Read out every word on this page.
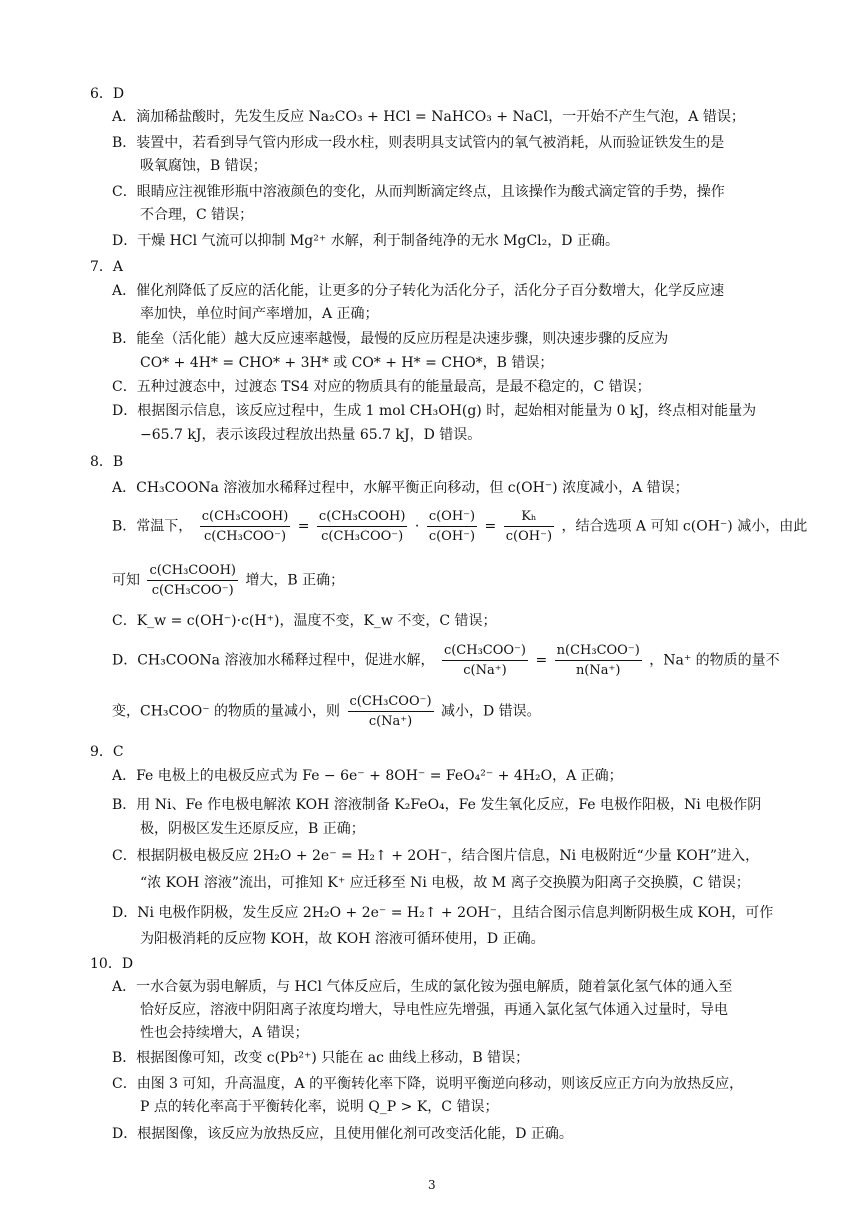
6．D
A．滴加稀盐酸时，先发生反应 Na₂CO₃ + HCl = NaHCO₃ + NaCl，一开始不产生气泡，A 错误；
B．装置中，若看到导气管内形成一段水柱，则表明具支试管内的氧气被消耗，从而验证铁发生的是
吸氧腐蚀，B 错误；
C．眼睛应注视锥形瓶中溶液颜色的变化，从而判断滴定终点，且该操作为酸式滴定管的手势，操作
不合理，C 错误；
D．干燥 HCl 气流可以抑制 Mg²⁺ 水解，利于制备纯净的无水 MgCl₂，D 正确。
7．A
A．催化剂降低了反应的活化能，让更多的分子转化为活化分子，活化分子百分数增大，化学反应速
率加快，单位时间产率增加，A 正确；
B．能垒（活化能）越大反应速率越慢，最慢的反应历程是决速步骤，则决速步骤的反应为
CO* + 4H* = CHO* + 3H* 或 CO* + H* = CHO*，B 错误；
C．五种过渡态中，过渡态 TS4 对应的物质具有的能量最高，是最不稳定的，C 错误；
D．根据图示信息，该反应过程中，生成 1 mol CH₃OH(g) 时，起始相对能量为 0 kJ，终点相对能量为
−65.7 kJ，表示该段过程放出热量 65.7 kJ，D 错误。
8．B
A．CH₃COONa 溶液加水稀释过程中，水解平衡正向移动，但 c(OH⁻) 浓度减小，A 错误；
B．常温下， $\frac{\text{c(CH₃COOH)}}{\text{c(CH₃COO⁻)}} = \frac{\text{c(CH₃COOH)}}{\text{c(CH₃COO⁻)}} \cdot \frac{c(OH^-)}{c(OH^-)} = \frac{\text{Kₕ}}{c(OH^-)}$ ，结合选项 A 可知 c(OH⁻) 减小，由此
可知 $\frac{\text{c(CH₃COOH)}}{\text{c(CH₃COO⁻)}}$ 增大，B 正确；
C．K_w = c(OH⁻)·c(H⁺)，温度不变，K_w 不变，C 错误；
D．CH₃COONa 溶液加水稀释过程中，促进水解， $\frac{\text{c(CH₃COO⁻)}}{c(Na^+)} = \frac{\text{n(CH₃COO⁻)}}{n(Na^+)}$ ，Na⁺ 的物质的量不
变，CH₃COO⁻ 的物质的量减小，则 $\frac{\text{c(CH₃COO⁻)}}{c(Na^+)}$ 减小，D 错误。
9．C
A．Fe 电极上的电极反应式为 Fe − 6e⁻ + 8OH⁻ = FeO₄²⁻ + 4H₂O，A 正确；
B．用 Ni、Fe 作电极电解浓 KOH 溶液制备 K₂FeO₄，Fe 发生氧化反应，Fe 电极作阳极，Ni 电极作阴
极，阴极区发生还原反应，B 正确；
C．根据阴极电极反应 2H₂O + 2e⁻ = H₂↑ + 2OH⁻，结合图片信息，Ni 电极附近“少量 KOH”进入，
“浓 KOH 溶液”流出，可推知 K⁺ 应迁移至 Ni 电极，故 M 离子交换膜为阳离子交换膜，C 错误；
D．Ni 电极作阴极，发生反应 2H₂O + 2e⁻ = H₂↑ + 2OH⁻，且结合图示信息判断阴极生成 KOH，可作
为阳极消耗的反应物 KOH，故 KOH 溶液可循环使用，D 正确。
10．D
A．一水合氨为弱电解质，与 HCl 气体反应后，生成的氯化铵为强电解质，随着氯化氢气体的通入至
恰好反应，溶液中阴阳离子浓度均增大，导电性应先增强，再通入氯化氢气体通入过量时，导电
性也会持续增大，A 错误；
B．根据图像可知，改变 c(Pb²⁺) 只能在 ac 曲线上移动，B 错误；
C．由图 3 可知，升高温度，A 的平衡转化率下降，说明平衡逆向移动，则该反应正方向为放热反应，
P 点的转化率高于平衡转化率，说明 Q_P > K，C 错误；
D．根据图像，该反应为放热反应，且使用催化剂可改变活化能，D 正确。
3
